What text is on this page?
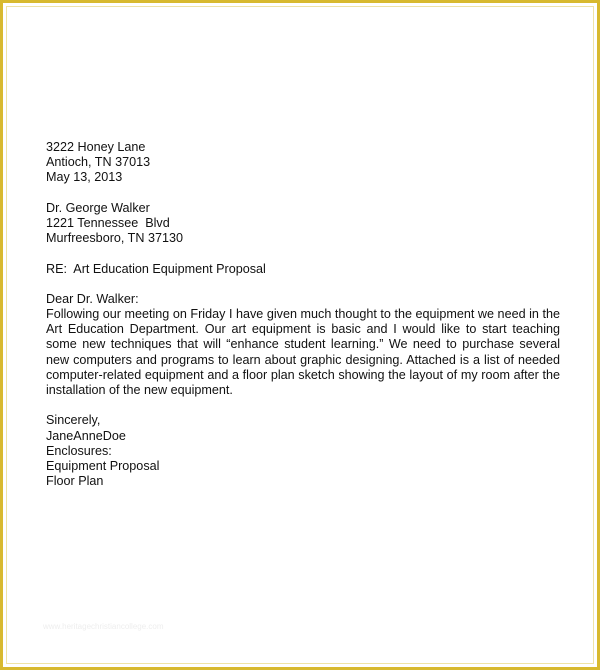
3222 Honey Lane
Antioch, TN 37013
May 13, 2013
Dr. George Walker
1221 Tennessee  Blvd
Murfreesboro, TN 37130
RE:  Art Education Equipment Proposal
Dear Dr. Walker:

Following our meeting on Friday I have given much thought to the equipment we need in the Art Education Department. Our art equipment is basic and I would like to start teaching some new techniques that will “enhance student learning.” We need to purchase several new computers and programs to learn about graphic designing. Attached is a list of needed computer-related equipment and a floor plan sketch showing the layout of my room after the installation of the new equipment.

Sincerely,
JaneAnneDoe
Enclosures:
Equipment Proposal
Floor Plan
www.heritagechristiancollege.com
